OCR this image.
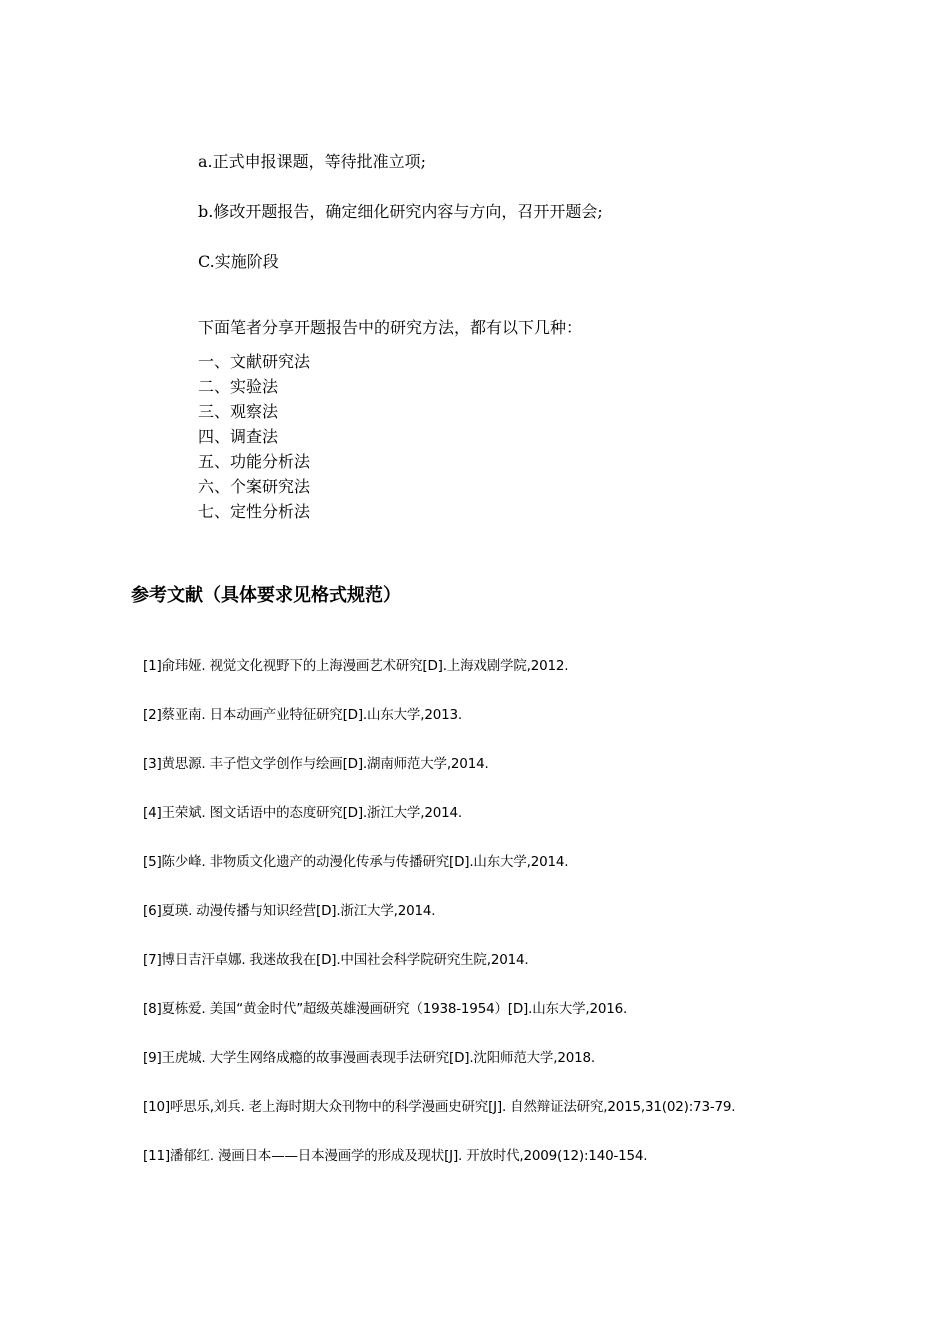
a.正式申报课题，等待批准立项;

b.修改开题报告，确定细化研究内容与方向，召开开题会;

C.实施阶段

下面笔者分享开题报告中的研究方法，都有以下几种：

一、文献研究法
二、实验法
三、观察法
四、调查法
五、功能分析法
六、个案研究法
七、定性分析法
参考文献（具体要求见格式规范）
[1]俞玮娅. 视觉文化视野下的上海漫画艺术研究[D].上海戏剧学院,2012.
[2]蔡亚南. 日本动画产业特征研究[D].山东大学,2013.
[3]黄思源. 丰子恺文学创作与绘画[D].湖南师范大学,2014.
[4]王荣斌. 图文话语中的态度研究[D].浙江大学,2014.
[5]陈少峰. 非物质文化遗产的动漫化传承与传播研究[D].山东大学,2014.
[6]夏瑛. 动漫传播与知识经营[D].浙江大学,2014.
[7]博日吉汗卓娜. 我迷故我在[D].中国社会科学院研究生院,2014.
[8]夏栋爱. 美国“黄金时代”超级英雄漫画研究（1938-1954）[D].山东大学,2016.
[9]王虎城. 大学生网络成瘾的故事漫画表现手法研究[D].沈阳师范大学,2018.
[10]呼思乐,刘兵. 老上海时期大众刊物中的科学漫画史研究[J]. 自然辩证法研究,2015,31(02):73-79.
[11]潘郁红. 漫画日本——日本漫画学的形成及现状[J]. 开放时代,2009(12):140-154.
